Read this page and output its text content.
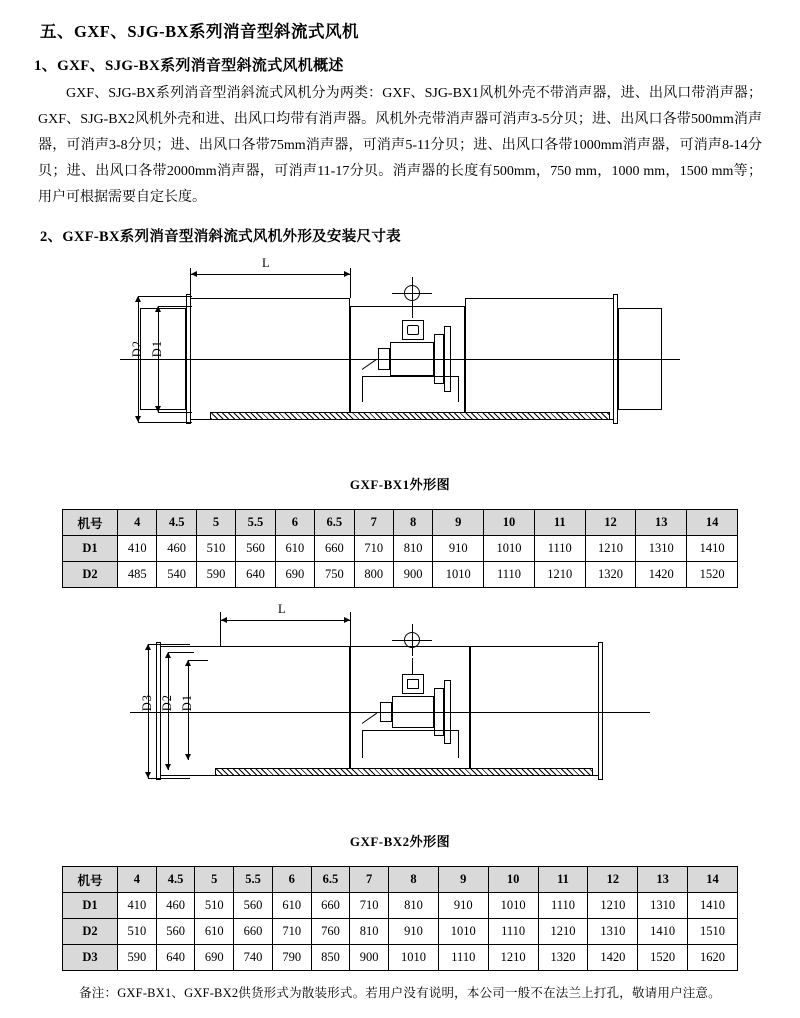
五、GXF、SJG-BX系列消音型斜流式风机
1、GXF、SJG-BX系列消音型斜流式风机概述

GXF、SJG-BX系列消音型消斜流式风机分为两类：GXF、SJG-BX1风机外壳不带消声器，进、出风口带消声器；GXF、SJG-BX2风机外壳和进、出风口均带有消声器。风机外壳带消声器可消声3-5分贝；进、出风口各带500mm消声器，可消声3-8分贝；进、出风口各带75mm消声器，可消声5-11分贝；进、出风口各带1000mm消声器，可消声8-14分贝；进、出风口各带2000mm消声器，可消声11-17分贝。消声器的长度有500mm，750 mm，1000 mm，1500 mm等；用户可根据需要自定长度。

2、GXF-BX系列消音型消斜流式风机外形及安装尺寸表
L
D1
D2
GXF-BX1外形图
机号	4	4.5	5	5.5	6	6.5	7	8	9	10	11	12	13	14
D1	410	460	510	560	610	660	710	810	910	1010	1110	1210	1310	1410
D2	485	540	590	640	690	750	800	900	1010	1110	1210	1320	1420	1520
L
D1
D2
D3
GXF-BX2外形图
机号	4	4.5	5	5.5	6	6.5	7	8	9	10	11	12	13	14
D1	410	460	510	560	610	660	710	810	910	1010	1110	1210	1310	1410
D2	510	560	610	660	710	760	810	910	1010	1110	1210	1310	1410	1510
D3	590	640	690	740	790	850	900	1010	1110	1210	1320	1420	1520	1620

备注：GXF-BX1、GXF-BX2供货形式为散装形式。若用户没有说明，本公司一般不在法兰上打孔，敬请用户注意。
